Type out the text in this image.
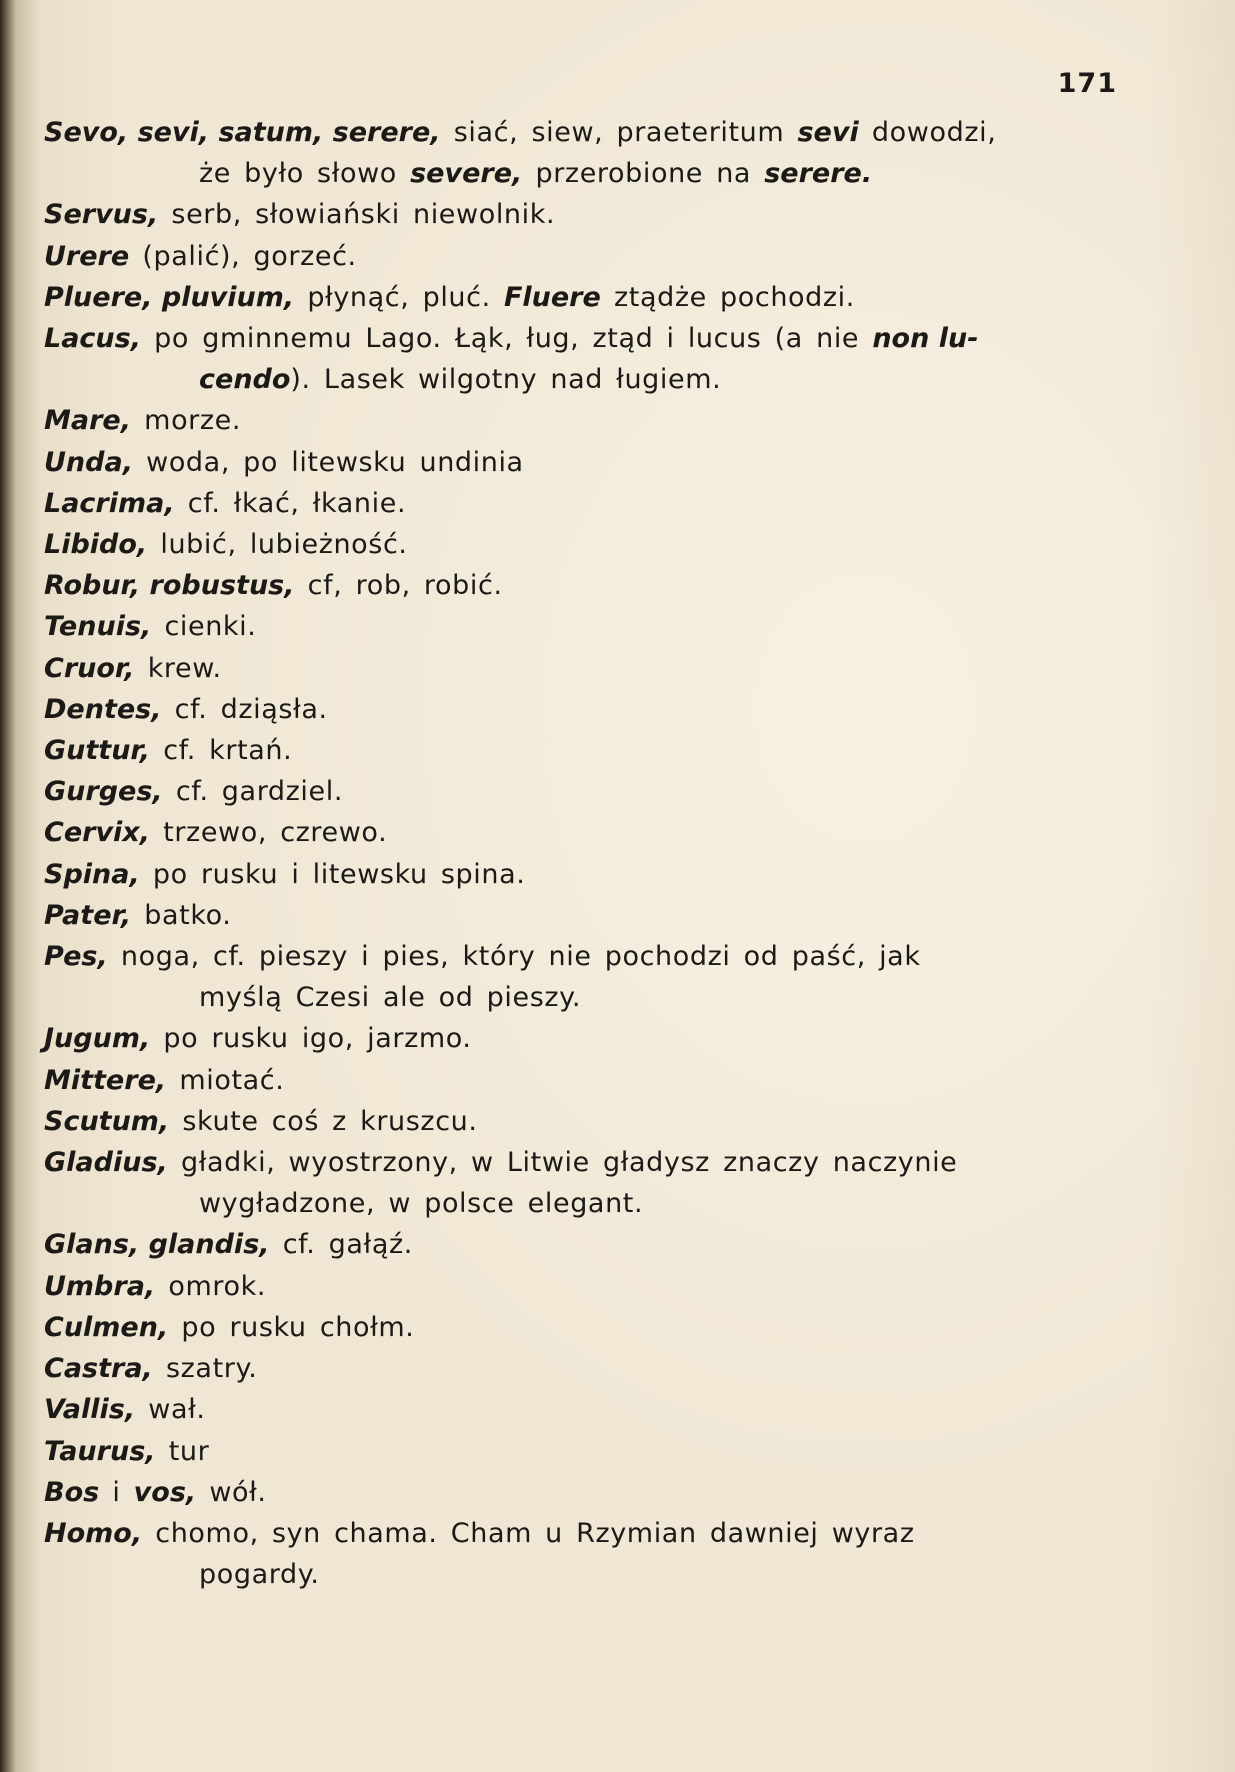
171

Sevo, sevi, satum, serere, siać, siew, praeteritum sevi dowodzi,
że było słowo severe, przerobione na serere.

Servus, serb, słowiański niewolnik.

Urere (palić), gorzeć.

Pluere, pluvium, płynąć, pluć. Fluere ztądże pochodzi.

Lacus, po gminnemu Lago. Łąk, ług, ztąd i lucus (a nie non lu-
cendo). Lasek wilgotny nad ługiem.

Mare, morze.

Unda, woda, po litewsku undinia

Lacrima, cf. łkać, łkanie.

Libido, lubić, lubieżność.

Robur, robustus, cf, rob, robić.

Tenuis, cienki.

Cruor, krew.

Dentes, cf. dziąsła.

Guttur, cf. krtań.

Gurges, cf. gardziel.

Cervix, trzewo, czrewo.

Spina, po rusku i litewsku spina.

Pater, batko.

Pes, noga, cf. pieszy i pies, który nie pochodzi od paść, jak
myślą Czesi ale od pieszy.

Jugum, po rusku igo, jarzmo.

Mittere, miotać.

Scutum, skute coś z kruszcu.

Gladius, gładki, wyostrzony, w Litwie gładysz znaczy naczynie
wygładzone, w polsce elegant.

Glans, glandis, cf. gałąź.

Umbra, omrok.

Culmen, po rusku chołm.

Castra, szatry.

Vallis, wał.

Taurus, tur

Bos i vos, wół.

Homo, chomo, syn chama. Cham u Rzymian dawniej wyraz
pogardy.
